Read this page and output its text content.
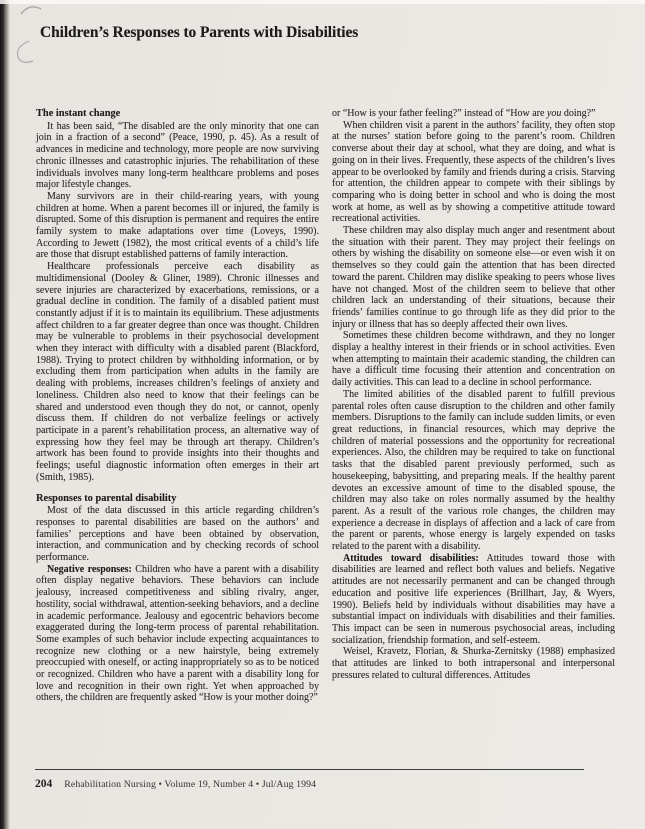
Children’s Responses to Parents with Disabilities
The instant change

It has been said, “The disabled are the only minority that one can join in a fraction of a second” (Peace, 1990, p. 45). As a result of advances in medicine and technology, more people are now surviving chronic illnesses and catastrophic injuries. The rehabilitation of these individuals involves many long-term healthcare problems and poses major lifestyle changes.

Many survivors are in their child-rearing years, with young children at home. When a parent becomes ill or injured, the family is disrupted. Some of this disruption is permanent and requires the entire family system to make adaptations over time (Loveys, 1990). According to Jewett (1982), the most critical events of a child’s life are those that disrupt established patterns of family interaction.

Healthcare professionals perceive each disability as multidimensional (Dooley & Gliner, 1989). Chronic illnesses and severe injuries are characterized by exacerbations, remissions, or a gradual decline in condition. The family of a disabled patient must constantly adjust if it is to maintain its equilibrium. These adjustments affect children to a far greater degree than once was thought. Children may be vulnerable to problems in their psychosocial development when they interact with difficulty with a disabled parent (Blackford, 1988). Trying to protect children by withholding information, or by excluding them from participation when adults in the family are dealing with problems, increases children’s feelings of anxiety and loneliness. Children also need to know that their feelings can be shared and understood even though they do not, or cannot, openly discuss them. If children do not verbalize feelings or actively participate in a parent’s rehabilitation process, an alternative way of expressing how they feel may be through art therapy. Children’s artwork has been found to provide insights into their thoughts and feelings; useful diagnostic information often emerges in their art (Smith, 1985).

Responses to parental disability

Most of the data discussed in this article regarding children’s responses to parental disabilities are based on the authors’ and families’ perceptions and have been obtained by observation, interaction, and communication and by checking records of school performance.

Negative responses: Children who have a parent with a disability often display negative behaviors. These behaviors can include jealousy, increased competitiveness and sibling rivalry, anger, hostility, social withdrawal, attention-seeking behaviors, and a decline in academic performance. Jealousy and egocentric behaviors become exaggerated during the long-term process of parental rehabilitation. Some examples of such behavior include expecting acquaintances to recognize new clothing or a new hairstyle, being extremely preoccupied with oneself, or acting inappropriately so as to be noticed or recognized. Children who have a parent with a disability long for love and recognition in their own right. Yet when approached by others, the children are frequently asked “How is your mother doing?”

or “How is your father feeling?” instead of “How are you doing?”

When children visit a parent in the authors’ facility, they often stop at the nurses’ station before going to the parent’s room. Children converse about their day at school, what they are doing, and what is going on in their lives. Frequently, these aspects of the children’s lives appear to be overlooked by family and friends during a crisis. Starving for attention, the children appear to compete with their siblings by comparing who is doing better in school and who is doing the most work at home, as well as by showing a competitive attitude toward recreational activities.

These children may also display much anger and resentment about the situation with their parent. They may project their feelings on others by wishing the disability on someone else—or even wish it on themselves so they could gain the attention that has been directed toward the parent. Children may dislike speaking to peers whose lives have not changed. Most of the children seem to believe that other children lack an understanding of their situations, because their friends’ families continue to go through life as they did prior to the injury or illness that has so deeply affected their own lives.

Sometimes these children become withdrawn, and they no longer display a healthy interest in their friends or in school activities. Even when attempting to maintain their academic standing, the children can have a difficult time focusing their attention and concentration on daily activities. This can lead to a decline in school performance.

The limited abilities of the disabled parent to fulfill previous parental roles often cause disruption to the children and other family members. Disruptions to the family can include sudden limits, or even great reductions, in financial resources, which may deprive the children of material possessions and the opportunity for recreational experiences. Also, the children may be required to take on functional tasks that the disabled parent previously performed, such as housekeeping, babysitting, and preparing meals. If the healthy parent devotes an excessive amount of time to the disabled spouse, the children may also take on roles normally assumed by the healthy parent. As a result of the various role changes, the children may experience a decrease in displays of affection and a lack of care from the parent or parents, whose energy is largely expended on tasks related to the parent with a disability.

Attitudes toward disabilities: Attitudes toward those with disabilities are learned and reflect both values and beliefs. Negative attitudes are not necessarily permanent and can be changed through education and positive life experiences (Brillhart, Jay, & Wyers, 1990). Beliefs held by individuals without disabilities may have a substantial impact on individuals with disabilities and their families. This impact can be seen in numerous psychosocial areas, including socialization, friendship formation, and self-esteem.

Weisel, Kravetz, Florian, & Shurka-Zernitsky (1988) emphasized that attitudes are linked to both intrapersonal and interpersonal pressures related to cultural differences. Attitudes

204 Rehabilitation Nursing • Volume 19, Number 4 • Jul/Aug 1994
